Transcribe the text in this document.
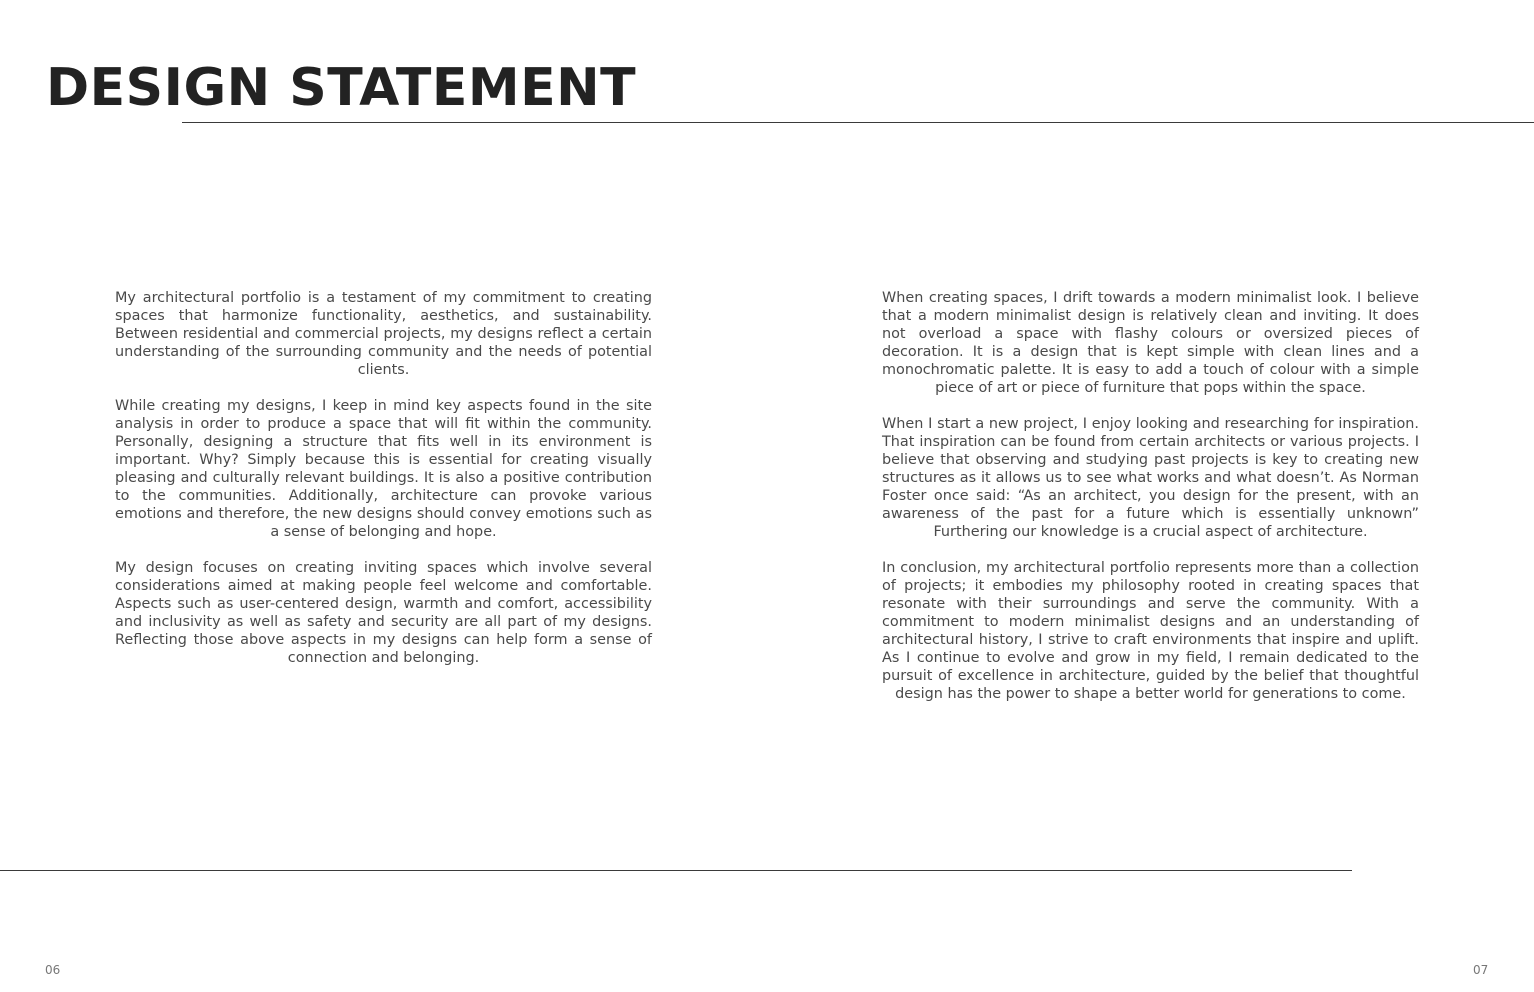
DESIGN STATEMENT

My architectural portfolio is a testament of my commitment to creating spaces that harmonize functionality, aesthetics, and sustainability. Between residential and commercial projects, my designs reflect a certain understanding of the surrounding community and the needs of potential clients.

While creating my designs, I keep in mind key aspects found in the site analysis in order to produce a space that will fit within the community. Personally, designing a structure that fits well in its environment is important. Why? Simply because this is essential for creating visually pleasing and culturally relevant buildings. It is also a positive contribution to the communities. Additionally, architecture can provoke various emotions and therefore, the new designs should convey emotions such as a sense of belonging and hope.

My design focuses on creating inviting spaces which involve several considerations aimed at making people feel welcome and comfortable. Aspects such as user-centered design, warmth and comfort, accessibility and inclusivity as well as safety and security are all part of my designs. Reflecting those above aspects in my designs can help form a sense of connection and belonging.

When creating spaces, I drift towards a modern minimalist look. I believe that a modern minimalist design is relatively clean and inviting. It does not overload a space with flashy colours or oversized pieces of decoration. It is a design that is kept simple with clean lines and a monochromatic palette. It is easy to add a touch of colour with a simple piece of art or piece of furniture that pops within the space.

When I start a new project, I enjoy looking and researching for inspiration. That inspiration can be found from certain architects or various projects. I believe that observing and studying past projects is key to creating new structures as it allows us to see what works and what doesn’t. As Norman Foster once said: “As an architect, you design for the present, with an awareness of the past for a future which is essentially unknown” Furthering our knowledge is a crucial aspect of architecture.

In conclusion, my architectural portfolio represents more than a collection of projects; it embodies my philosophy rooted in creating spaces that resonate with their surroundings and serve the community. With a commitment to modern minimalist designs and an understanding of architectural history, I strive to craft environments that inspire and uplift. As I continue to evolve and grow in my field, I remain dedicated to the pursuit of excellence in architecture, guided by the belief that thoughtful design has the power to shape a better world for generations to come.

06	07
